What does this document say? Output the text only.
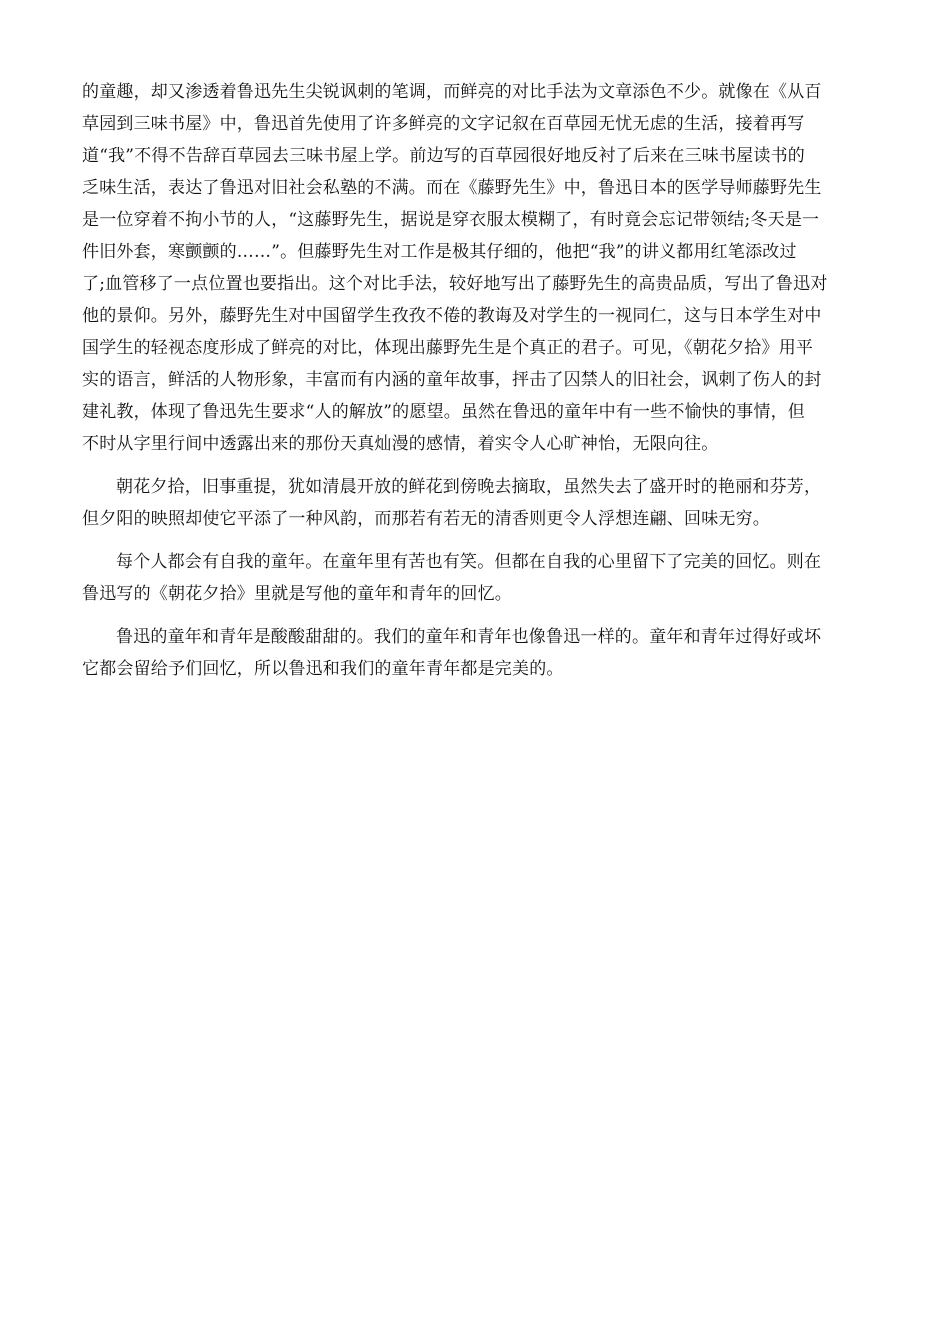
的童趣，却又渗透着鲁迅先生尖锐讽刺的笔调，而鲜亮的对比手法为文章添色不少。就像在《从百
草园到三味书屋》中，鲁迅首先使用了许多鲜亮的文字记叙在百草园无忧无虑的生活，接着再写
道“我”不得不告辞百草园去三味书屋上学。前边写的百草园很好地反衬了后来在三味书屋读书的
乏味生活，表达了鲁迅对旧社会私塾的不满。而在《藤野先生》中，鲁迅日本的医学导师藤野先生
是一位穿着不拘小节的人，“这藤野先生，据说是穿衣服太模糊了，有时竟会忘记带领结;冬天是一
件旧外套，寒颤颤的……”。但藤野先生对工作是极其仔细的，他把“我”的讲义都用红笔添改过
了;血管移了一点位置也要指出。这个对比手法，较好地写出了藤野先生的高贵品质，写出了鲁迅对
他的景仰。另外，藤野先生对中国留学生孜孜不倦的教诲及对学生的一视同仁，这与日本学生对中
国学生的轻视态度形成了鲜亮的对比，体现出藤野先生是个真正的君子。可见，《朝花夕拾》用平
实的语言，鲜活的人物形象，丰富而有内涵的童年故事，抨击了囚禁人的旧社会，讽刺了伤人的封
建礼教，体现了鲁迅先生要求“人的解放”的愿望。虽然在鲁迅的童年中有一些不愉快的事情，但
不时从字里行间中透露出来的那份天真灿漫的感情，着实令人心旷神怡，无限向往。
朝花夕拾，旧事重提，犹如清晨开放的鲜花到傍晚去摘取，虽然失去了盛开时的艳丽和芬芳，
但夕阳的映照却使它平添了一种风韵，而那若有若无的清香则更令人浮想连翩、回味无穷。
每个人都会有自我的童年。在童年里有苦也有笑。但都在自我的心里留下了完美的回忆。则在
鲁迅写的《朝花夕拾》里就是写他的童年和青年的回忆。
鲁迅的童年和青年是酸酸甜甜的。我们的童年和青年也像鲁迅一样的。童年和青年过得好或坏
它都会留给予们回忆，所以鲁迅和我们的童年青年都是完美的。
